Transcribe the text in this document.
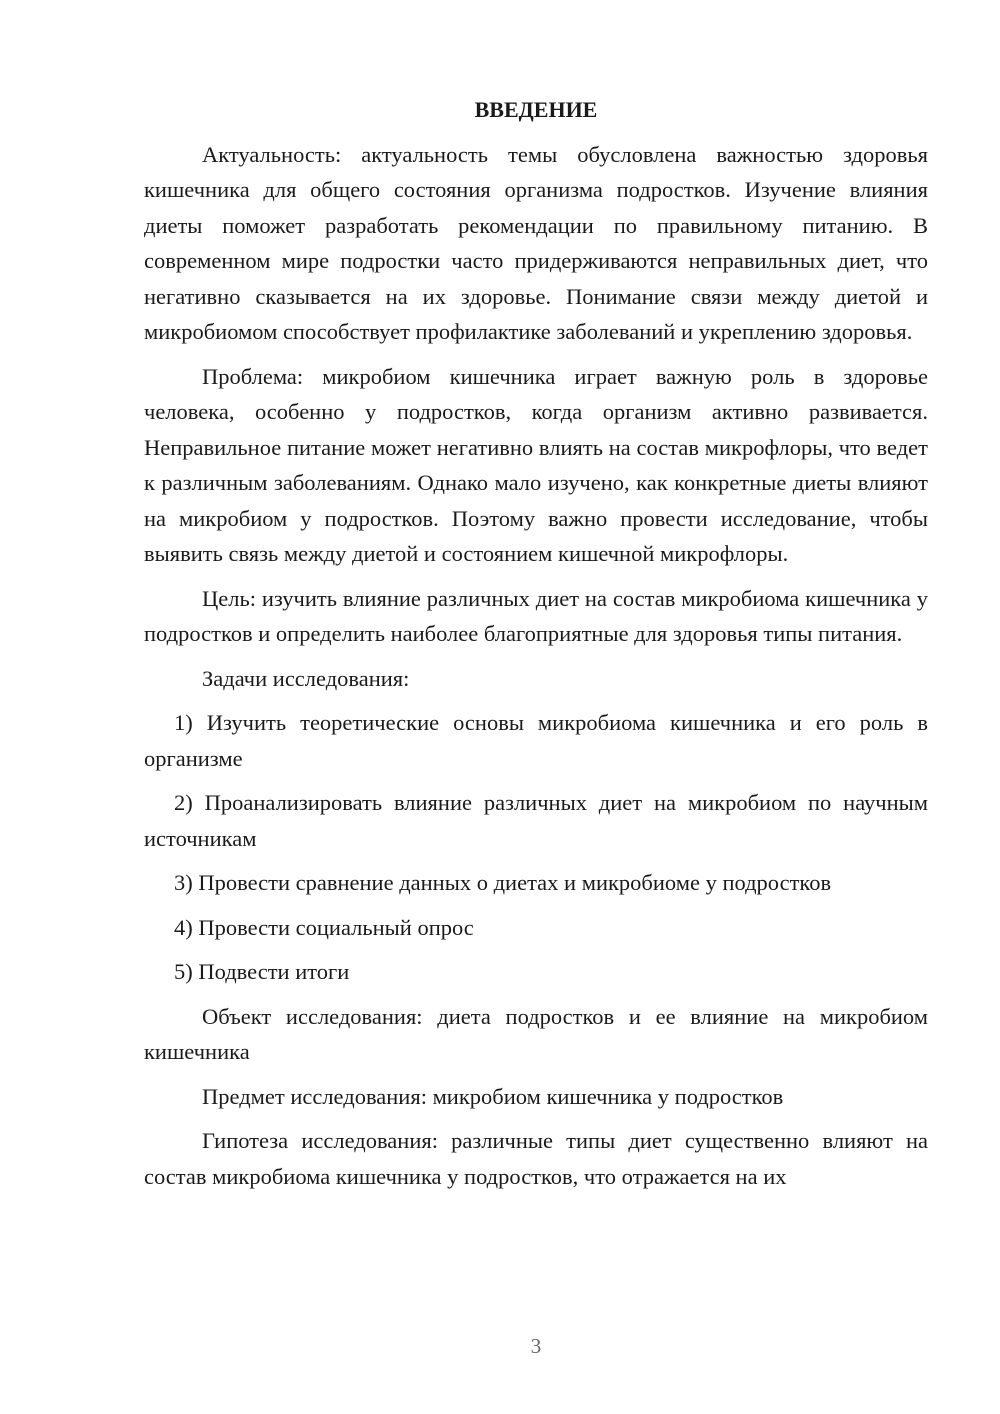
ВВЕДЕНИЕ

Актуальность: актуальность темы обусловлена важностью здоровья кишечника для общего состояния организма подростков. Изучение влияния диеты поможет разработать рекомендации по правильному питанию. В современном мире подростки часто придерживаются неправильных диет, что негативно сказывается на их здоровье. Понимание связи между диетой и микробиомом способствует профилактике заболеваний и укреплению здоровья.

Проблема: микробиом кишечника играет важную роль в здоровье человека, особенно у подростков, когда организм активно развивается. Неправильное питание может негативно влиять на состав микрофлоры, что ведет к различным заболеваниям. Однако мало изучено, как конкретные диеты влияют на микробиом у подростков. Поэтому важно провести исследование, чтобы выявить связь между диетой и состоянием кишечной микрофлоры.

Цель: изучить влияние различных диет на состав микробиома кишечника у подростков и определить наиболее благоприятные для здоровья типы питания.

Задачи исследования:

1) Изучить теоретические основы микробиома кишечника и его роль в организме

2) Проанализировать влияние различных диет на микробиом по научным источникам

3) Провести сравнение данных о диетах и микробиоме у подростков

4) Провести социальный опрос

5) Подвести итоги

Объект исследования: диета подростков и ее влияние на микробиом кишечника

Предмет исследования: микробиом кишечника у подростков

Гипотеза исследования: различные типы диет существенно влияют на состав микробиома кишечника у подростков, что отражается на их

3
